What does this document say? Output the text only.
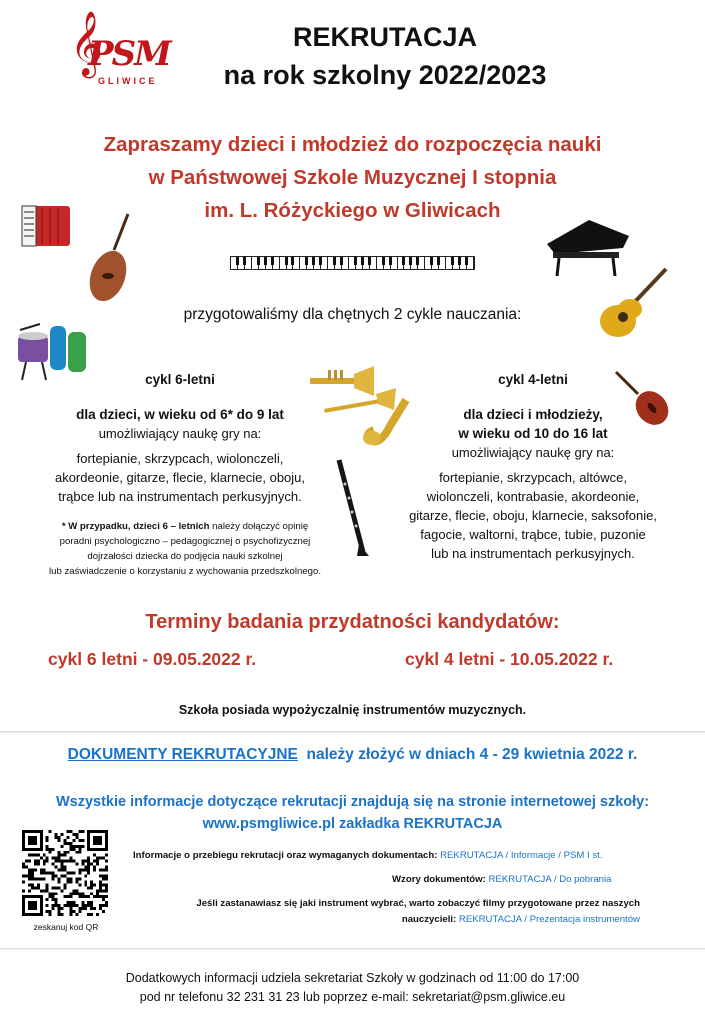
𝄞
PSM
GLIWICE
REKRUTACJA
na rok szkolny 2022/2023
Zapraszamy dzieci i młodzież do rozpoczęcia nauki
w Państwowej Szkole Muzycznej I stopnia
im. L. Różyckiego w Gliwicach
przygotowaliśmy dla chętnych 2 cykle nauczania:
cykl 6-letni
dla dzieci, w wieku od 6* do 9 lat
umożliwiający naukę gry na:
fortepianie, skrzypcach, wiolonczeli,
akordeonie, gitarze, flecie, klarnecie, oboju,
trąbce lub na instrumentach perkusyjnych.
* W przypadku, dzieci 6 – letnich należy dołączyć opinię
poradni psychologiczno – pedagogicznej o psychofizycznej
dojrzałości dziecka do podjęcia nauki szkolnej
lub zaświadczenie o korzystaniu z wychowania przedszkolnego.
cykl 4-letni
dla dzieci i młodzieży,
w wieku od 10 do 16 lat
umożliwiający naukę gry na:
fortepianie, skrzypcach, altówce,
wiolonczeli, kontrabasie, akordeonie,
gitarze, flecie, oboju, klarnecie, saksofonie,
fagocie, waltorni, trąbce, tubie, puzonie
lub na instrumentach perkusyjnych.
Terminy badania przydatności kandydatów:
cykl 6 letni - 09.05.2022 r.	cykl 4 letni - 10.05.2022 r.
Szkoła posiada wypożyczalnię instrumentów muzycznych.
DOKUMENTY REKRUTACYJNE należy złożyć w dniach 4 - 29 kwietnia 2022 r.
Wszystkie informacje dotyczące rekrutacji znajdują się na stronie internetowej szkoły:
www.psmgliwice.pl zakładka REKRUTACJA
zeskanuj kod QR
Informacje o przebiegu rekrutacji oraz wymaganych dokumentach: REKRUTACJA / Informacje / PSM I st.
Wzory dokumentów: REKRUTACJA / Do pobrania
Jeśli zastanawiasz się jaki instrument wybrać, warto zobaczyć filmy przygotowane przez naszych
nauczycieli: REKRUTACJA / Prezentacja instrumentów
Dodatkowych informacji udziela sekretariat Szkoły w godzinach od 11:00 do 17:00
pod nr telefonu 32 231 31 23 lub poprzez e-mail: sekretariat@psm.gliwice.eu
